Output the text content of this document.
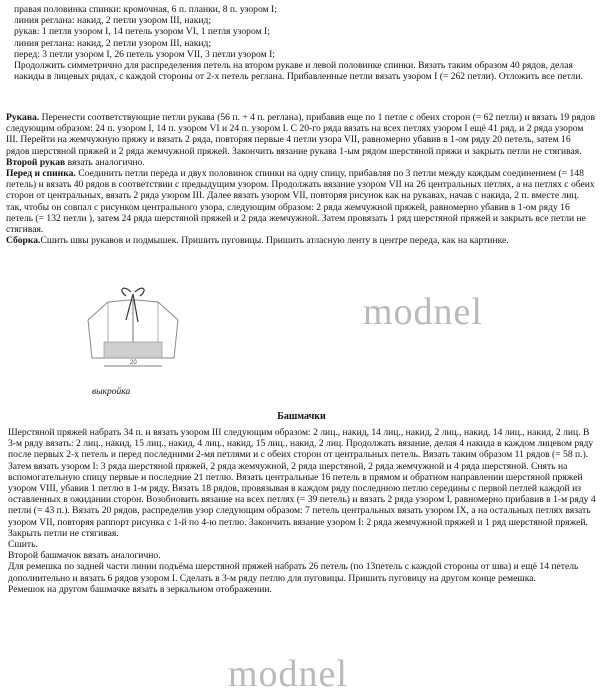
правая половинка спинки: кромочная, 6 п. планки, 8 п. узором I;
линия реглана: накид, 2 петли узором III, накид;
рукав: 1 петля узором I, 14 петель узором VI, 1 петля узором I;
линия реглана: накид, 2 петли узором III, накид;
перед: 3 петли узором I, 26 петель узором VII, 3 петли узором I;
Продолжить симметрично для распределения петель на втором рукаве и левой половинке спинки. Вязать таким образом 40 рядов, делая накиды в лицевых рядах, с каждой стороны от 2-х петель реглана. Прибавленные петли вязать узором I (= 262 петли). Отложить все петли.
Рукава. Перенести соответствующие петли рукава (56 п. + 4 п. реглана), прибавив еще по 1 петле с обеих сторон (= 62 петли) и вязать 19 рядов следующим образом: 24 п. узором I, 14 п. узором VI и 24 п. узором I. С 20-го ряда вязать на всех петлях узором I ещё 41 ряд, и 2 ряда узором III. Перейти на жемчужную пряжу и вязать 2 ряда, повторяя первые 4 петли узора VII, равномерно убавив в 1-ом ряду 20 петель, затем 16 рядов шерстяной пряжей и 2 ряда жемчужной пряжей. Закончить вязание рукава 1-ым рядом шерстяной пряжи и закрыть петли не стягивая.
Второй рукав вязать аналогично.
Перед и спинка. Соединить петли переда и двух половинок спинки на одну спицу, прибавляя по 3 петли между каждым соединением (= 148 петель) и вязать 40 рядов в соответствии с предыдущим узором. Продолжать вязание узором VII на 26 центральных петлях, а на петлях с обеих сторон от центральных, вязать 2 ряда узором III. Далее вязать узором VII, повторяя рисунок как на рукавах, начав с накида, 2 п. вместе лиц. так, чтобы он совпал с рисунком центрального узора, следующим образом: 2 ряда жемчужной пряжей, равномерно убавив в 1-ом ряду 16 петель (= 132 петли ), затем 24 ряда шерстяной пряжей и 2 ряда жемчужной. Затем провязать 1 ряд шерстяной пряжей и закрыть все петли не стягивая.
Сборка.Сшить швы рукавов и подмышек. Пришить пуговицы. Пришить атласную ленту в центре переда, как на картинке.
modnel
20
выкройка
Башмачки
Шерстяной пряжей набрать 34 п. и вязать узором III следующим образом: 2 лиц., накид, 14 лиц., накид, 2 лиц., накид, 14 лиц., накид, 2 лиц. В 3-м ряду вязать: 2 лиц., накид, 15 лиц., накид, 4 лиц., накид, 15 лиц., накид, 2 лиц. Продолжать вязание, делая 4 накида в каждом лицевом ряду после первых 2-х петель и перед последними 2-мя петлями и с обеих сторон от центральных петель. Вязать таким образом 11 рядов (= 58 п.). Затем вязать узором I: 3 ряда шерстяной пряжей, 2 ряда жемчужной, 2 ряда шерстяной, 2 ряда жемчужной и 4 ряда шерстяной. Снять на вспомогательную спицу первые и последние 21 петлю. Вязать центральные 16 петель в прямом и обратном направлении шерстяной пряжей узором VIII, убавив 1 петлю в 1-м ряду. Вязать 18 рядов, провязывая в каждом ряду последнюю петлю середины с первой петлей каждой из оставленных в ожидании сторон. Возобновить вязание на всех петлях (= 39 петель) и вязать 2 ряда узором I, равномерно прибавив в 1-м ряду 4 петли (= 43 п.). Вязать 20 рядов, распределив узор следующим образом: 7 петель центральных вязать узором IX, а на остальных петлях вязать узором VII, повторяя раппорт рисунка с 1-й по 4-ю петлю. Закончить вязание узором I: 2 ряда жемчужной пряжей и 1 ряд шерстяной пряжей. Закрыть петли не стягивая.
Сшить.
Второй башмачок вязать аналогично.
Для ремешка по задней части линии подъёма шерстяной пряжей набрать 26 петель (по 13петель с каждой стороны от шва) и ещё 14 петель дополнительно и вязать 6 рядов узором I. Сделать в 3-м ряду петлю для пуговицы. Пришить пуговицу на другом конце ремешка.
Ремешок на другом башмачке вязать в зеркальном отображении.
modnel
